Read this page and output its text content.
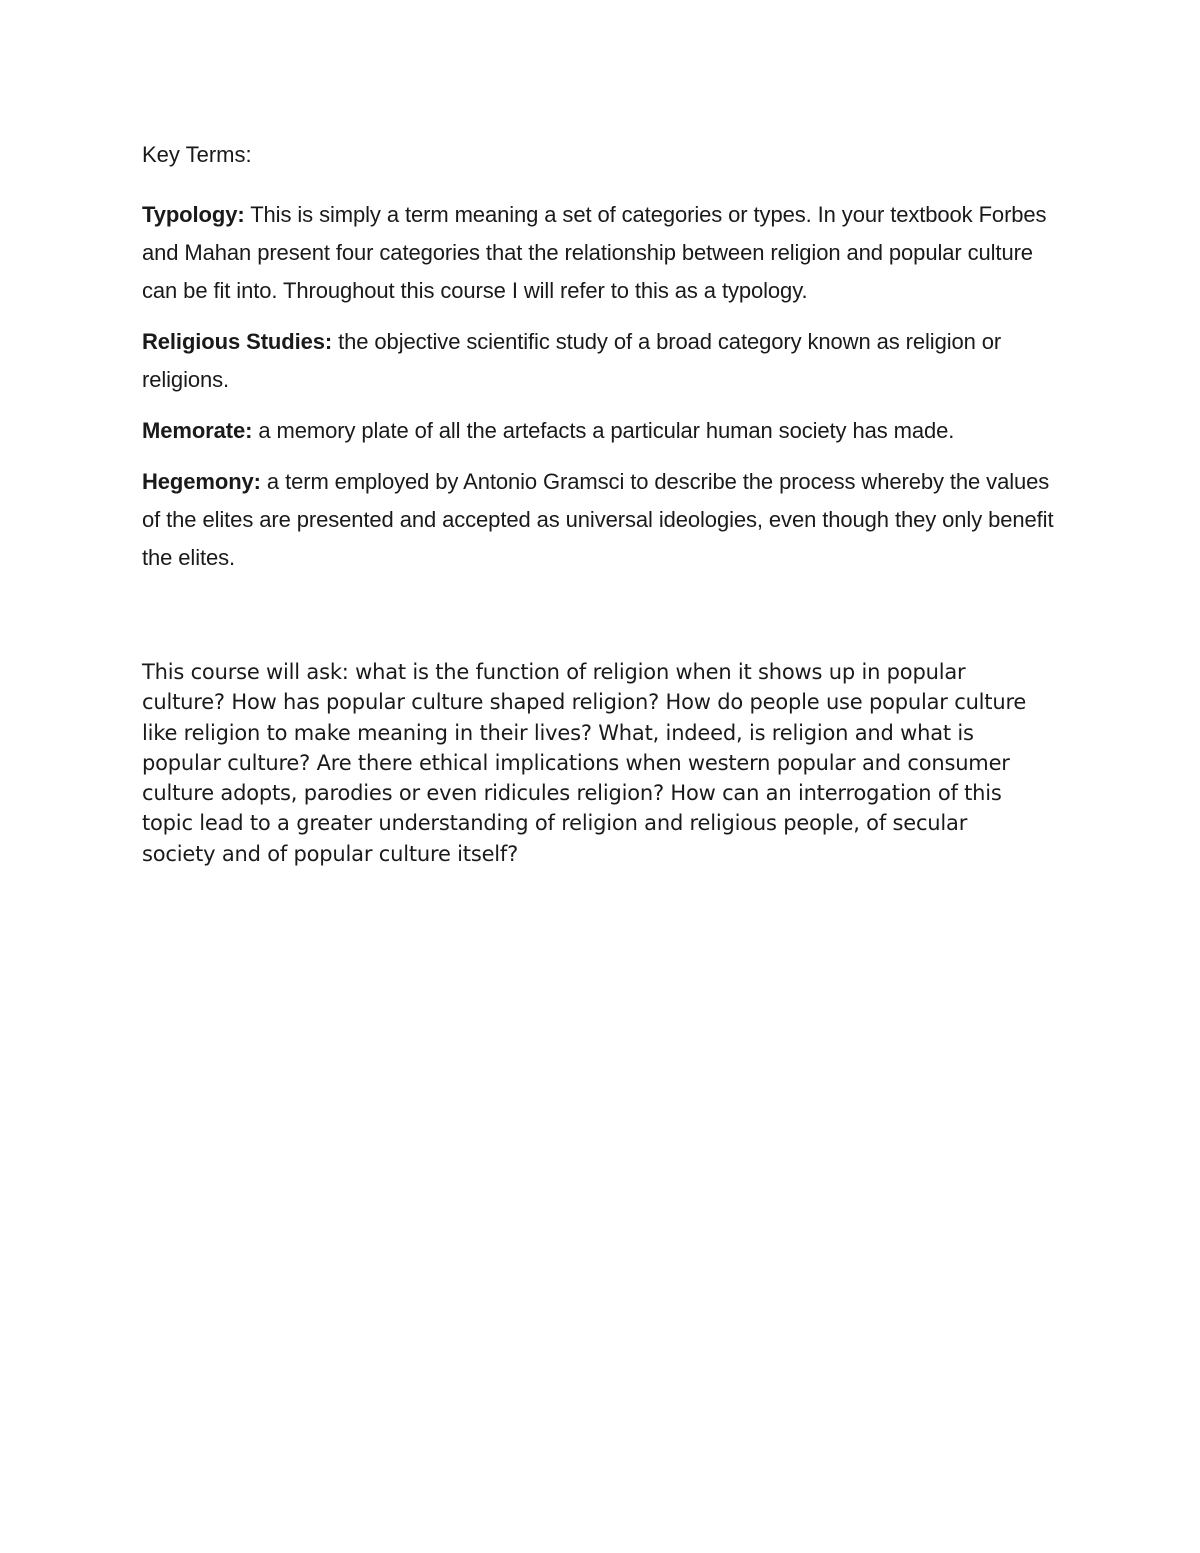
Key Terms:

Typology: This is simply a term meaning a set of categories or types. In your textbook Forbes and Mahan present four categories that the relationship between religion and popular culture can be fit into. Throughout this course I will refer to this as a typology.

Religious Studies: the objective scientific study of a broad category known as religion or religions.

Memorate: a memory plate of all the artefacts a particular human society has made.

Hegemony: a term employed by Antonio Gramsci to describe the process whereby the values of the elites are presented and accepted as universal ideologies, even though they only benefit the elites.

This course will ask: what is the function of religion when it shows up in popular culture? How has popular culture shaped religion? How do people use popular culture like religion to make meaning in their lives? What, indeed, is religion and what is popular culture? Are there ethical implications when western popular and consumer culture adopts, parodies or even ridicules religion? How can an interrogation of this topic lead to a greater understanding of religion and religious people, of secular society and of popular culture itself?
